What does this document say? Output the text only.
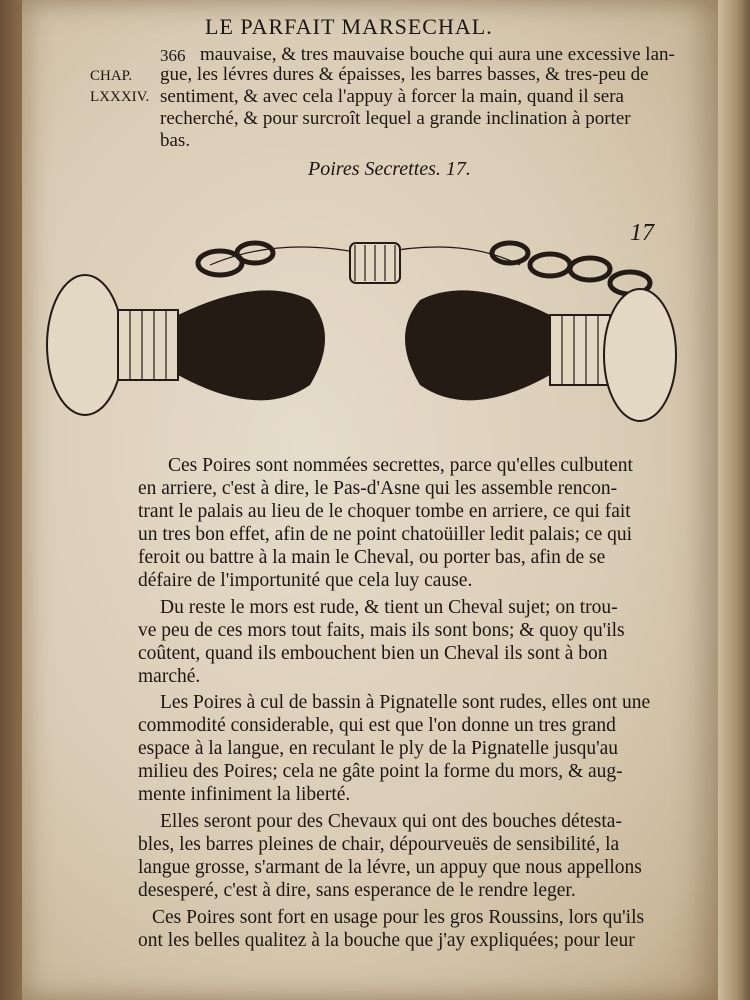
LE PARFAIT MARSECHAL.
366
CHAP.
LXXXIV.
mauvaise, & tres mauvaise bouche qui aura une excessive lan-
gue, les lévres dures & épaisses, les barres basses, & tres-peu de
sentiment, & avec cela l'appuy à forcer la main, quand il sera
recherché, & pour surcroît lequel a grande inclination à porter
bas.
Poires Secrettes. 17.
17
Ces Poires sont nommées secrettes, parce qu'elles culbutent
en arriere, c'est à dire, le Pas-d'Asne qui les assemble rencon-
trant le palais au lieu de le choquer tombe en arriere, ce qui fait
un tres bon effet, afin de ne point chatoüiller ledit palais; ce qui
feroit ou battre à la main le Cheval, ou porter bas, afin de se
défaire de l'importunité que cela luy cause.
Du reste le mors est rude, & tient un Cheval sujet; on trou-
ve peu de ces mors tout faits, mais ils sont bons; & quoy qu'ils
coûtent, quand ils embouchent bien un Cheval ils sont à bon
marché.
Les Poires à cul de bassin à Pignatelle sont rudes, elles ont une
commodité considerable, qui est que l'on donne un tres grand
espace à la langue, en reculant le ply de la Pignatelle jusqu'au
milieu des Poires; cela ne gâte point la forme du mors, & aug-
mente infiniment la liberté.
Elles seront pour des Chevaux qui ont des bouches détesta-
bles, les barres pleines de chair, dépourveuës de sensibilité, la
langue grosse, s'armant de la lévre, un appuy que nous appellons
desesperé, c'est à dire, sans esperance de le rendre leger.
Ces Poires sont fort en usage pour les gros Roussins, lors qu'ils
ont les belles qualitez à la bouche que j'ay expliquées; pour leur
